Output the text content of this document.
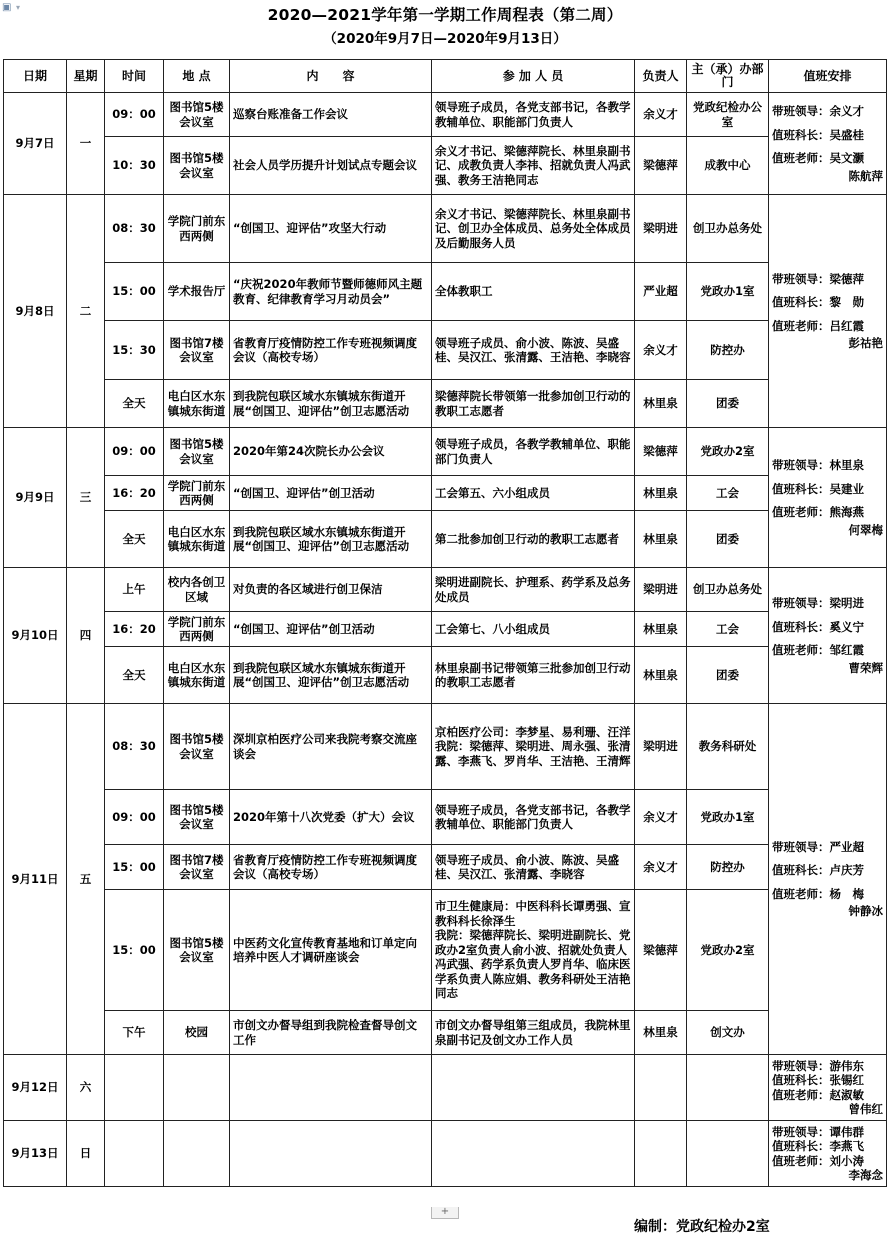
▣ ▾	2020—2021学年第一学期工作周程表（第二周）
（2020年9月7日—2020年9月13日）
日期	星期	时间	地 点	内　　容	参 加 人 员	负责人	主（承）办部 门	值班安排
9月7日	一	09：00	图书馆5楼会议室	巡察台账准备工作会议	领导班子成员，各党支部书记，各教学教辅单位、职能部门负责人	余义才	党政纪检办公室	带班领导：余义才
值班科长：吴盛桂
值班老师：吴文灏
陈航萍

		10：30	图书馆5楼会议室	社会人员学历提升计划试点专题会议	余义才书记、梁德萍院长、林里泉副书记、成教负责人李祎、招就负责人冯武强、教务王洁艳同志	梁德萍	成教中心	
9月8日	二	08：30	学院门前东西两侧	“创国卫、迎评估”攻坚大行动	余义才书记、梁德萍院长、林里泉副书记、创卫办全体成员、总务处全体成员及后勤服务人员	梁明进	创卫办总务处	带班领导：梁德萍
值班科长：黎　勋
值班老师：吕红霞
彭祜艳

		15：00	学术报告厅	“庆祝2020年教师节暨师德师风主题教育、纪律教育学习月动员会”	全体教职工	严业超	党政办1室	
		15：30	图书馆7楼会议室	省教育厅疫情防控工作专班视频调度会议（高校专场）	领导班子成员、俞小波、陈波、吴盛桂、吴汉江、张清露、王洁艳、李晓容	余义才	防控办	
		全天	电白区水东镇城东街道	到我院包联区域水东镇城东街道开展“创国卫、迎评估”创卫志愿活动	梁德萍院长带领第一批参加创卫行动的教职工志愿者	林里泉	团委	
9月9日	三	09：00	图书馆5楼会议室	2020年第24次院长办公会议	领导班子成员，各教学教辅单位、职能部门负责人	梁德萍	党政办2室	带班领导：林里泉
值班科长：吴建业
值班老师：熊海燕
何翠梅

		16：20	学院门前东西两侧	“创国卫、迎评估”创卫活动	工会第五、六小组成员	林里泉	工会	
		全天	电白区水东镇城东街道	到我院包联区域水东镇城东街道开展“创国卫、迎评估”创卫志愿活动	第二批参加创卫行动的教职工志愿者	林里泉	团委	
9月10日	四	上午	校内各创卫区域	对负责的各区域进行创卫保洁	梁明进副院长、护理系、药学系及总务处成员	梁明进	创卫办总务处	带班领导：梁明进
值班科长：奚义宁
值班老师：邹红霞
曹荣辉

		16：20	学院门前东西两侧	“创国卫、迎评估”创卫活动	工会第七、八小组成员	林里泉	工会	
		全天	电白区水东镇城东街道	到我院包联区域水东镇城东街道开展“创国卫、迎评估”创卫志愿活动	林里泉副书记带领第三批参加创卫行动的教职工志愿者	林里泉	团委	
9月11日	五	08：30	图书馆5楼会议室	深圳京柏医疗公司来我院考察交流座谈会	京柏医疗公司：李梦星、易利珊、汪洋
我院：梁德萍、梁明进、周永强、张清露、李燕飞、罗肖华、王洁艳、王清辉	梁明进	教务科研处	带班领导：严业超
值班科长：卢庆芳
值班老师：杨　梅
钟静冰

		09：00	图书馆5楼会议室	2020年第十八次党委（扩大）会议	领导班子成员，各党支部书记，各教学教辅单位、职能部门负责人	余义才	党政办1室	
		15：00	图书馆7楼会议室	省教育厅疫情防控工作专班视频调度会议（高校专场）	领导班子成员、俞小波、陈波、吴盛桂、吴汉江、张清露、李晓容	余义才	防控办	
		15：00	图书馆5楼会议室	中医药文化宣传教育基地和订单定向培养中医人才调研座谈会	市卫生健康局：中医科科长谭勇强、宣教科科长徐泽生
我院：梁德萍院长、梁明进副院长、党政办2室负责人俞小波、招就处负责人冯武强、药学系负责人罗肖华、临床医学系负责人陈应娟、教务科研处王洁艳同志	梁德萍	党政办2室	
		下午	校园	市创文办督导组到我院检查督导创文工作	市创文办督导组第三组成员，我院林里泉副书记及创文办工作人员	林里泉	创文办	
9月12日	六							带班领导：游伟东
值班科长：张锡红
值班老师：赵淑敏
曾伟红

9月13日	日							带班领导：谭伟群
值班科长：李燕飞
值班老师：刘小涛
李海念
+
编制：党政纪检办2室
